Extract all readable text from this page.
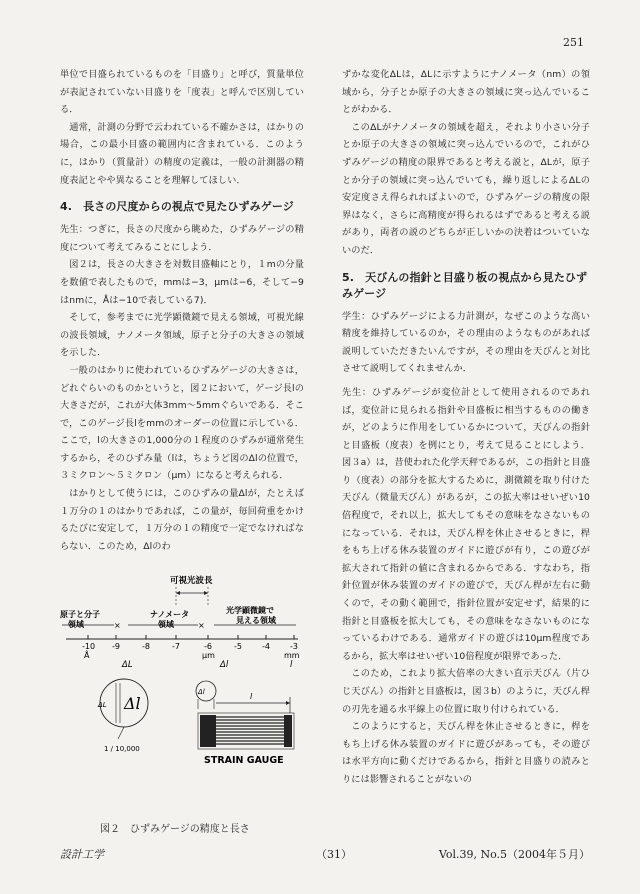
251

単位で目盛られているものを「目盛り」と呼び，質量単位が表記されていない目盛りを「度表」と呼んで区別している．

通常，計測の分野で云われている不確かさは，はかりの場合，この最小目盛の範囲内に含まれている．このように，はかり（質量計）の精度の定義は，一般の計測器の精度表記とやや異なることを理解してほしい．

4.　長さの尺度からの視点で見たひずみゲージ

先生：つぎに，長さの尺度から眺めた，ひずみゲージの精度について考えてみることにしよう．

図２は，長さの大きさを対数目盛軸にとり，１mの分量を数値で表したもので，mmは−3，μmは−6，そして−9はnmに，Åは−10で表している7)．

そして，参考までに光学顕微鏡で見える領域，可視光線の波長領域，ナノメータ領域，原子と分子の大きさの領域を示した．

一般のはかりに使われているひずみゲージの大きさは，どれぐらいのものかというと，図２において，ゲージ長lの大きさだが，これが大体3mm〜5mmぐらいである．そこで，このゲージ長lをmmのオーダーの位置に示している．ここで，lの大きさの1,000分の１程度のひずみが通常発生するから，そのひずみ量（lは，ちょうど図のΔlの位置で，３ミクロン〜５ミクロン（μm）になると考えられる．

はかりとして使うには，このひずみの量Δlが，たとえば１万分の１のはかりであれば，この量が，毎回荷重をかけるたびに安定して，１万分の１の精度で一定でなければならない．このため，Δlのわ

ずかな変化ΔLは，ΔLに示すようにナノメータ（nm）の領域から，分子とか原子の大きさの領域に突っ込んでいることがわかる．

このΔLがナノメータの領域を超え，それより小さい分子とか原子の大きさの領域に突っ込んでいるので，これがひずみゲージの精度の限界であると考える説と，ΔLが，原子とか分子の領域に突っ込んでいても，繰り返しによるΔLの安定度さえ得られればよいので，ひずみゲージの精度の限界はなく，さらに高精度が得られるはずであると考える説があり，両者の説のどちらが正しいかの決着はついていないのだ．

5.　天びんの指針と目盛り板の視点から見たひずみゲージ

学生：ひずみゲージによる力計測が，なぜこのような高い精度を維持しているのか，その理由のようなものがあれば説明していただきたいんですが，その理由を天びんと対比させて説明してくれませんか．

先生：ひずみゲージが変位計として使用されるのであれば，変位計に見られる指針や目盛板に相当するものの働きが，どのように作用をしているかについて，天びんの指針と目盛板（度表）を例にとり，考えて見ることにしよう．図３a）は，昔使われた化学天秤であるが，この指針と目盛り（度表）の部分を拡大するために，測微鏡を取り付けた天びん（微量天びん）があるが，この拡大率はせいぜい10倍程度で，それ以上，拡大してもその意味をなさないものになっている．それは，天びん桿を休止させるときに，桿をもち上げる休み装置のガイドに遊びが有り，この遊びが拡大されて指針の値に含まれるからである．すなわち，指針位置が休み装置のガイドの遊びで，天びん桿が左右に動くので，その動く範囲で，指針位置が安定せず，結果的に指針と目盛板を拡大しても，その意味をなさないものになっているわけである．通常ガイドの遊びは10μm程度であるから，拡大率はせいぜい10倍程度が限界であった．

このため，これより拡大倍率の大きい直示天びん（片ひじ天びん）の指針と目盛板は，図３b）のように，天びん桿の刃先を通る水平線上の位置に取り付けられている．

このようにすると，天びん桿を休止させるときに，桿をもち上げる休み装置のガイドに遊びがあっても，その遊びは水平方向に動くだけであるから，指針と目盛りの読みとりには影響されることがないの

可視光波長
原子と分子領域
ナノメータ領域
光学顕微鏡で見える領域
×	×
-10 -9	-8	-7	-6	-5	-4	-3
Å	μm	mm
ΔL	Δl	l
ΔL Δl
1 / 10,000
Δl	l
STRAIN GAUGE
図２　ひずみゲージの精度と長さ
設計工学	（31）	Vol.39, No.5（2004年５月）
